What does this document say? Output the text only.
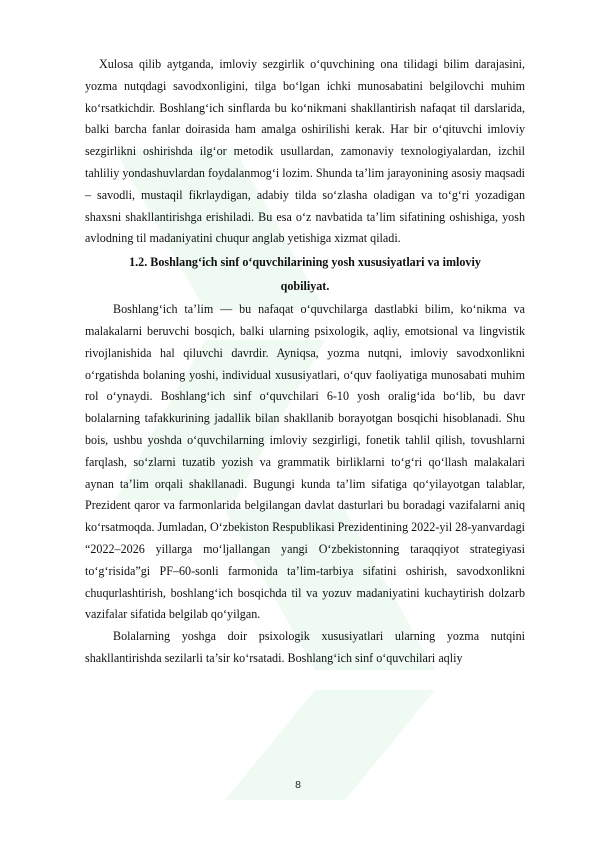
Xulosa qilib aytganda, imloviy sezgirlik o‘quvchining ona tilidagi bilim darajasini, yozma nutqdagi savodxonligini, tilga bo‘lgan ichki munosabatini belgilovchi muhim ko‘rsatkichdir. Boshlang‘ich sinflarda bu ko‘nikmani shakllantirish nafaqat til darslarida, balki barcha fanlar doirasida ham amalga oshirilishi kerak. Har bir o‘qituvchi imloviy sezgirlikni oshirishda ilg‘or metodik usullardan, zamonaviy texnologiyalardan, izchil tahliliy yondashuvlardan foydalanmog‘i lozim. Shunda ta’lim jarayonining asosiy maqsadi – savodli, mustaqil fikrlaydigan, adabiy tilda so‘zlasha oladigan va to‘g‘ri yozadigan shaxsni shakllantirishga erishiladi. Bu esa o‘z navbatida ta’lim sifatining oshishiga, yosh avlodning til madaniyatini chuqur anglab yetishiga xizmat qiladi.

1.2. Boshlang‘ich sinf o‘quvchilarining yosh xususiyatlari va imloviy qobiliyat.

Boshlang‘ich ta’lim — bu nafaqat o‘quvchilarga dastlabki bilim, ko‘nikma va malakalarni beruvchi bosqich, balki ularning psixologik, aqliy, emotsional va lingvistik rivojlanishida hal qiluvchi davrdir. Ayniqsa, yozma nutqni, imloviy savodxonlikni o‘rgatishda bolaning yoshi, individual xususiyatlari, o‘quv faoliyatiga munosabati muhim rol o‘ynaydi. Boshlang‘ich sinf o‘quvchilari 6-10 yosh oralig‘ida bo‘lib, bu davr bolalarning tafakkurining jadallik bilan shakllanib borayotgan bosqichi hisoblanadi. Shu bois, ushbu yoshda o‘quvchilarning imloviy sezgirligi, fonetik tahlil qilish, tovushlarni farqlash, so‘zlarni tuzatib yozish va grammatik birliklarni to‘g‘ri qo‘llash malakalari aynan ta’lim orqali shakllanadi. Bugungi kunda ta’lim sifatiga qo‘yilayotgan talablar, Prezident qaror va farmonlarida belgilangan davlat dasturlari bu boradagi vazifalarni aniq ko‘rsatmoqda. Jumladan, O‘zbekiston Respublikasi Prezidentining 2022-yil 28-yanvardagi “2022–2026 yillarga mo‘ljallangan yangi O‘zbekistonning taraqqiyot strategiyasi to‘g‘risida”gi PF–60-sonli farmonida ta’lim-tarbiya sifatini oshirish, savodxonlikni chuqurlashtirish, boshlang‘ich bosqichda til va yozuv madaniyatini kuchaytirish dolzarb vazifalar sifatida belgilab qo‘yilgan.

Bolalarning yoshga doir psixologik xususiyatlari ularning yozma nutqini shakllantirishda sezilarli ta’sir ko‘rsatadi. Boshlang‘ich sinf o‘quvchilari aqliy

8
